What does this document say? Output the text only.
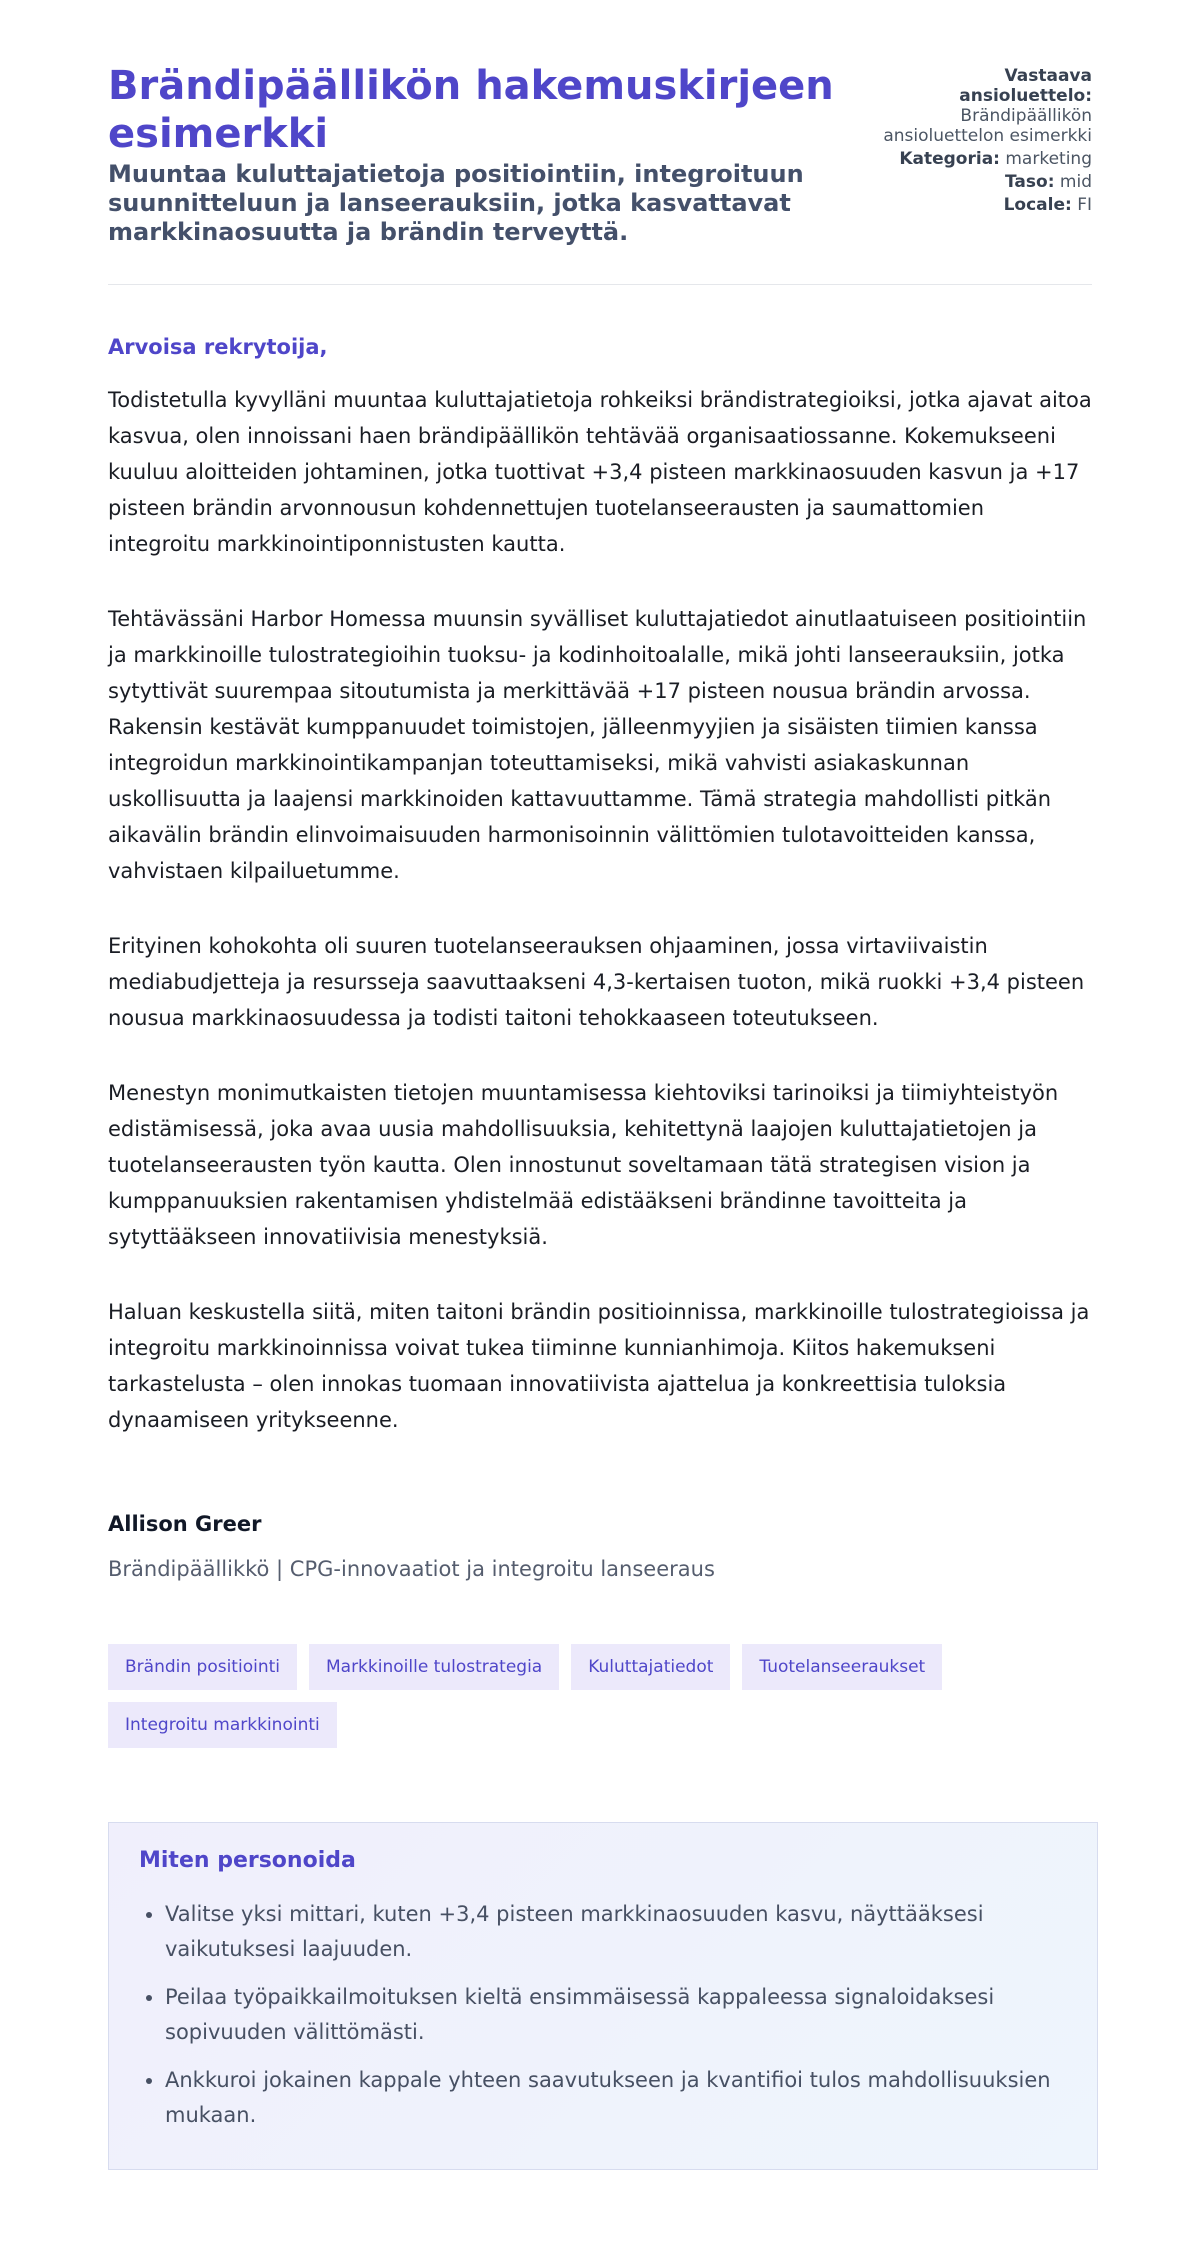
Brändipäällikön hakemuskirjeen esimerkki
Muuntaa kuluttajatietoja positiointiin, integroituun suunnitteluun ja lanseerauksiin, jotka kasvattavat markkinaosuutta ja brändin terveyttä.
Vastaava ansioluettelo:
Brändipäällikön ansioluettelon esimerkki
Kategoria: marketing
Taso: mid
Locale: FI

Arvoisa rekrytoija,

Todistetulla kyvylläni muuntaa kuluttajatietoja rohkeiksi brändistrategioiksi, jotka ajavat aitoa kasvua, olen innoissani haen brändipäällikön tehtävää organisaatiossanne. Kokemukseeni kuuluu aloitteiden johtaminen, jotka tuottivat +3,4 pisteen markkinaosuuden kasvun ja +17 pisteen brändin arvonnousun kohdennettujen tuotelanseerausten ja saumattomien integroitu markkinointiponnistusten kautta.

Tehtävässäni Harbor Homessa muunsin syvälliset kuluttajatiedot ainutlaatuiseen positiointiin ja markkinoille tulostrategioihin tuoksu- ja kodinhoitoalalle, mikä johti lanseerauksiin, jotka sytyttivät suurempaa sitoutumista ja merkittävää +17 pisteen nousua brändin arvossa. Rakensin kestävät kumppanuudet toimistojen, jälleenmyyjien ja sisäisten tiimien kanssa integroidun markkinointikampanjan toteuttamiseksi, mikä vahvisti asiakaskunnan uskollisuutta ja laajensi markkinoiden kattavuuttamme. Tämä strategia mahdollisti pitkän aikavälin brändin elinvoimaisuuden harmonisoinnin välittömien tulotavoitteiden kanssa, vahvistaen kilpailuetumme.

Erityinen kohokohta oli suuren tuotelanseerauksen ohjaaminen, jossa virtaviivaistin mediabudjetteja ja resursseja saavuttaakseni 4,3-kertaisen tuoton, mikä ruokki +3,4 pisteen nousua markkinaosuudessa ja todisti taitoni tehokkaaseen toteutukseen.

Menestyn monimutkaisten tietojen muuntamisessa kiehtoviksi tarinoiksi ja tiimiyhteistyön edistämisessä, joka avaa uusia mahdollisuuksia, kehitettynä laajojen kuluttajatietojen ja tuotelanseerausten työn kautta. Olen innostunut soveltamaan tätä strategisen vision ja kumppanuuksien rakentamisen yhdistelmää edistääkseni brändinne tavoitteita ja sytyttääkseen innovatiivisia menestyksiä.

Haluan keskustella siitä, miten taitoni brändin positioinnissa, markkinoille tulostrategioissa ja integroitu markkinoinnissa voivat tukea tiiminne kunnianhimoja. Kiitos hakemukseni tarkastelusta – olen innokas tuomaan innovatiivista ajattelua ja konkreettisia tuloksia dynaamiseen yritykseenne.

Allison Greer

Brändipäällikkö | CPG-innovaatiot ja integroitu lanseeraus

Brändin positiointi	Markkinoille tulostrategia	Kuluttajatiedot	Tuotelanseeraukset
Integroitu markkinointi
Miten personoida
• Valitse yksi mittari, kuten +3,4 pisteen markkinaosuuden kasvu, näyttääksesi vaikutuksesi laajuuden.
• Peilaa työpaikkailmoituksen kieltä ensimmäisessä kappaleessa signaloidaksesi sopivuuden välittömästi.
• Ankkuroi jokainen kappale yhteen saavutukseen ja kvantifioi tulos mahdollisuuksien mukaan.
